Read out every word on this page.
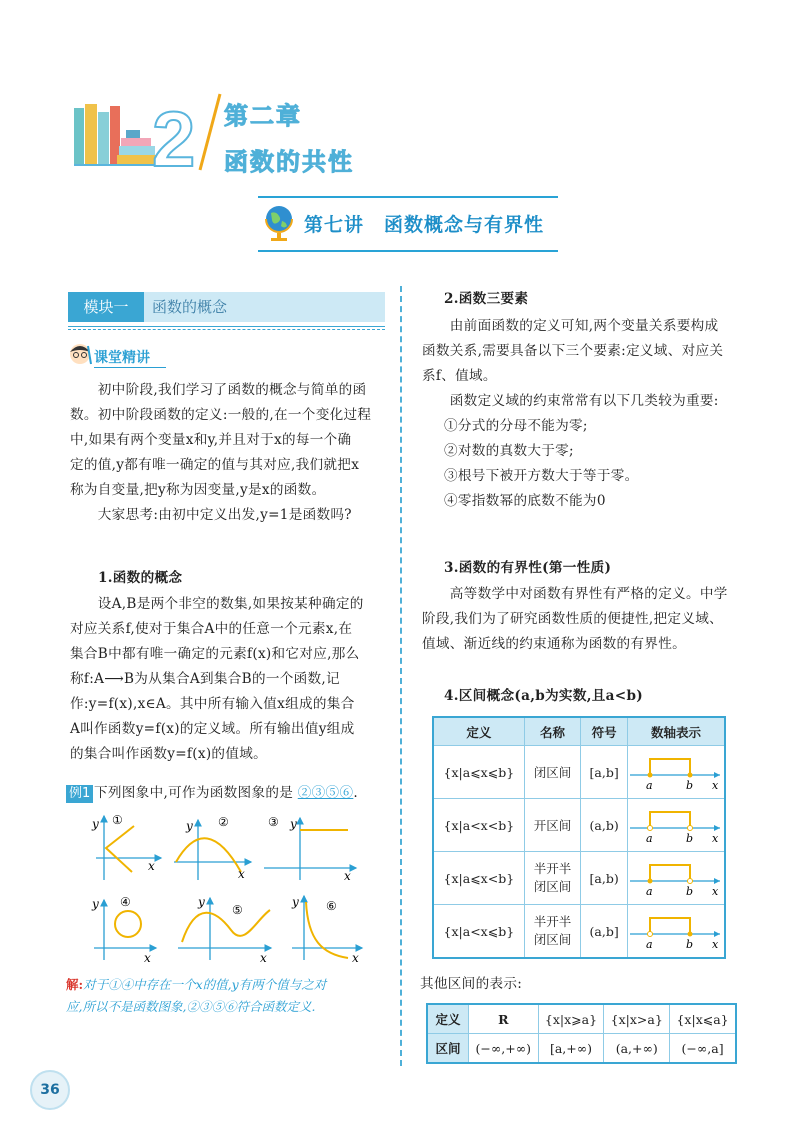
2 第二章
函数的共性
第七讲　函数概念与有界性
模块一	函数的概念
课堂精讲
　　初中阶段,我们学习了函数的概念与简单的函
数。初中阶段函数的定义:一般的,在一个变化过程
中,如果有两个变量x和y,并且对于x的每一个确
定的值,y都有唯一确定的值与其对应,我们就把x
称为自变量,把y称为因变量,y是x的函数。
　　大家思考:由初中定义出发,y=1是函数吗?
1.函数的概念
　　设A,B是两个非空的数集,如果按某种确定的
对应关系f,使对于集合A中的任意一个元素x,在
集合B中都有唯一确定的元素f(x)和它对应,那么
称f:A⟶B为从集合A到集合B的一个函数,记
作:y=f(x),x∈A。其中所有输入值x组成的集合
A叫作函数y=f(x)的定义域。所有输出值y组成
的集合叫作函数y=f(x)的值域。
例1 下列图象中,可作为函数图象的是 ②③⑤⑥.
①
y
x
②
y
x
③ y
x
④
y
x
⑤
y
x
⑥
y
x
解:对于①④中存在一个x的值,y有两个值与之对
应,所以不是函数图象,②③⑤⑥符合函数定义.
2.函数三要素
　　由前面函数的定义可知,两个变量关系要构成
函数关系,需要具备以下三个要素:定义域、对应关
系f、值域。
　　函数定义域的约束常常有以下几类较为重要:
①分式的分母不能为零;
②对数的真数大于零;
③根号下被开方数大于等于零。
④零指数幂的底数不能为0
3.函数的有界性(第一性质)
　　高等数学中对函数有界性有严格的定义。中学
阶段,我们为了研究函数性质的便捷性,把定义域、
值域、渐近线的约束通称为函数的有界性。
4.区间概念(a,b为实数,且a<b)
定义	名称	符号	数轴表示
{x|a⩽x⩽b}	闭区间	[a,b]	a b x

{x|a<x<b}	开区间	(a,b)	a b x

{x|a⩽x<b}	半开半闭区间	[a,b)	a b x

{x|a<x⩽b}	半开半闭区间	(a,b]	a b x
其他区间的表示:
定义	R	{x|x⩾a}	{x|x>a}	{x|x⩽a}
区间	(−∞,+∞)	[a,+∞)	(a,+∞)	(−∞,a]
36
